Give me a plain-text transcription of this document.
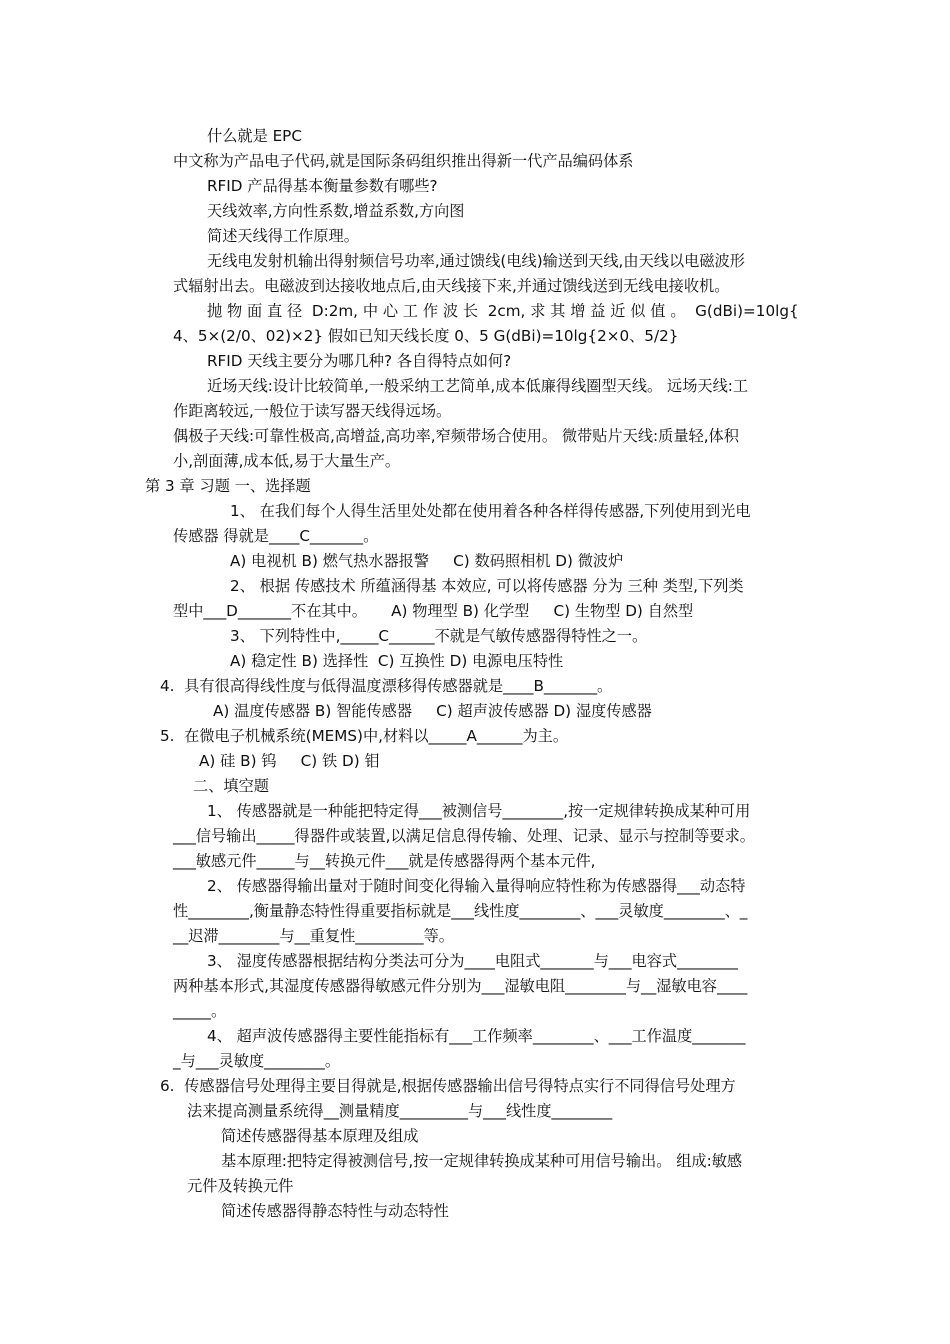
什么就是 EPC
中文称为产品电子代码,就是国际条码组织推出得新一代产品编码体系
RFID 产品得基本衡量参数有哪些?
天线效率,方向性系数,增益系数,方向图
简述天线得工作原理。
无线电发射机输出得射频信号功率,通过馈线(电线)输送到天线,由天线以电磁波形
式辐射出去。电磁波到达接收地点后,由天线接下来,并通过馈线送到无线电接收机。
抛 物 面 直 径  D:2m, 中 心 工 作 波 长  2cm, 求 其 增 益 近 似 值 。  G(dBi)=10lg{
4、5×(2/0、02)×2} 假如已知天线长度 0、5 G(dBi)=10lg{2×0、5/2}
RFID 天线主要分为哪几种? 各自得特点如何?
近场天线:设计比较简单,一般采纳工艺简单,成本低廉得线圈型天线。 远场天线:工
作距离较远,一般位于读写器天线得远场。
偶极子天线:可靠性极高,高增益,高功率,窄频带场合使用。 微带贴片天线:质量轻,体积
小,剖面薄,成本低,易于大量生产。
第 3 章 习题 一、选择题
1、 在我们每个人得生活里处处都在使用着各种各样得传感器,下列使用到光电
传感器 得就是____C_______。
A) 电视机 B) 燃气热水器报警     C) 数码照相机 D) 微波炉
2、 根据 传感技术 所蕴涵得基 本效应, 可以将传感器 分为 三种 类型,下列类
型中___D_______不在其中。     A) 物理型 B) 化学型     C) 生物型 D) 自然型
3、 下列特性中,_____C______不就是气敏传感器得特性之一。
A) 稳定性 B) 选择性  C) 互换性 D) 电源电压特性
4.  具有很高得线性度与低得温度漂移得传感器就是____B_______。
A) 温度传感器 B) 智能传感器     C) 超声波传感器 D) 湿度传感器
5.  在微电子机械系统(MEMS)中,材料以_____A______为主。
A) 硅 B) 钨     C) 铁 D) 钼
二、填空题
1、 传感器就是一种能把特定得___被测信号________,按一定规律转换成某种可用
___信号输出_____得器件或装置,以满足信息得传输、处理、记录、显示与控制等要求。
___敏感元件_____与__转换元件___就是传感器得两个基本元件,
2、 传感器得输出量对于随时间变化得输入量得响应特性称为传感器得___动态特
性________,衡量静态特性得重要指标就是___线性度________、___灵敏度________、_
__迟滞________与__重复性_________等。
3、 湿度传感器根据结构分类法可分为____电阻式_______与___电容式________
两种基本形式,其湿度传感器得敏感元件分别为___湿敏电阻________与__湿敏电容____
_____。
4、 超声波传感器得主要性能指标有___工作频率________、___工作温度_______
_与___灵敏度________。
6.  传感器信号处理得主要目得就是,根据传感器输出信号得特点实行不同得信号处理方
法来提高测量系统得__测量精度_________与___线性度________
简述传感器得基本原理及组成
基本原理:把特定得被测信号,按一定规律转换成某种可用信号输出。 组成:敏感
元件及转换元件
简述传感器得静态特性与动态特性
